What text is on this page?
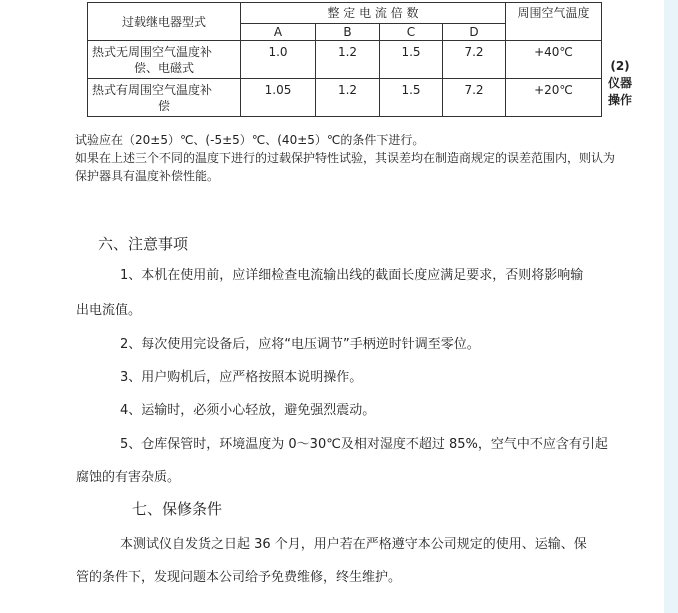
过载继电器型式	整 定 电 流 倍 数				周围空气温度
	A	B	C	D	

热式无周围空气温度补
偿、电磁式	1.0	1.2	1.5	7.2	+40℃

热式有周围空气温度补
偿	1.05	1.2	1.5	7.2	+20℃
(2)
仪器
操作
试验应在（20±5）℃、(-5±5）℃、(40±5）℃的条件下进行。
如果在上述三个不同的温度下进行的过载保护特性试验，其误差均在制造商规定的误差范围内，则认为
保护器具有温度补偿性能。
六、注意事项
1、本机在使用前，应详细检查电流输出线的截面长度应满足要求，否则将影响输
出电流值。
2、每次使用完设备后，应将“电压调节”手柄逆时针调至零位。
3、用户购机后，应严格按照本说明操作。
4、运输时，必须小心轻放，避免强烈震动。
5、仓库保管时，环境温度为 0～30℃及相对湿度不超过 85%，空气中不应含有引起
腐蚀的有害杂质。
七、保修条件
本测试仪自发货之日起 36 个月，用户若在严格遵守本公司规定的使用、运输、保
管的条件下，发现问题本公司给予免费维修，终生维护。
